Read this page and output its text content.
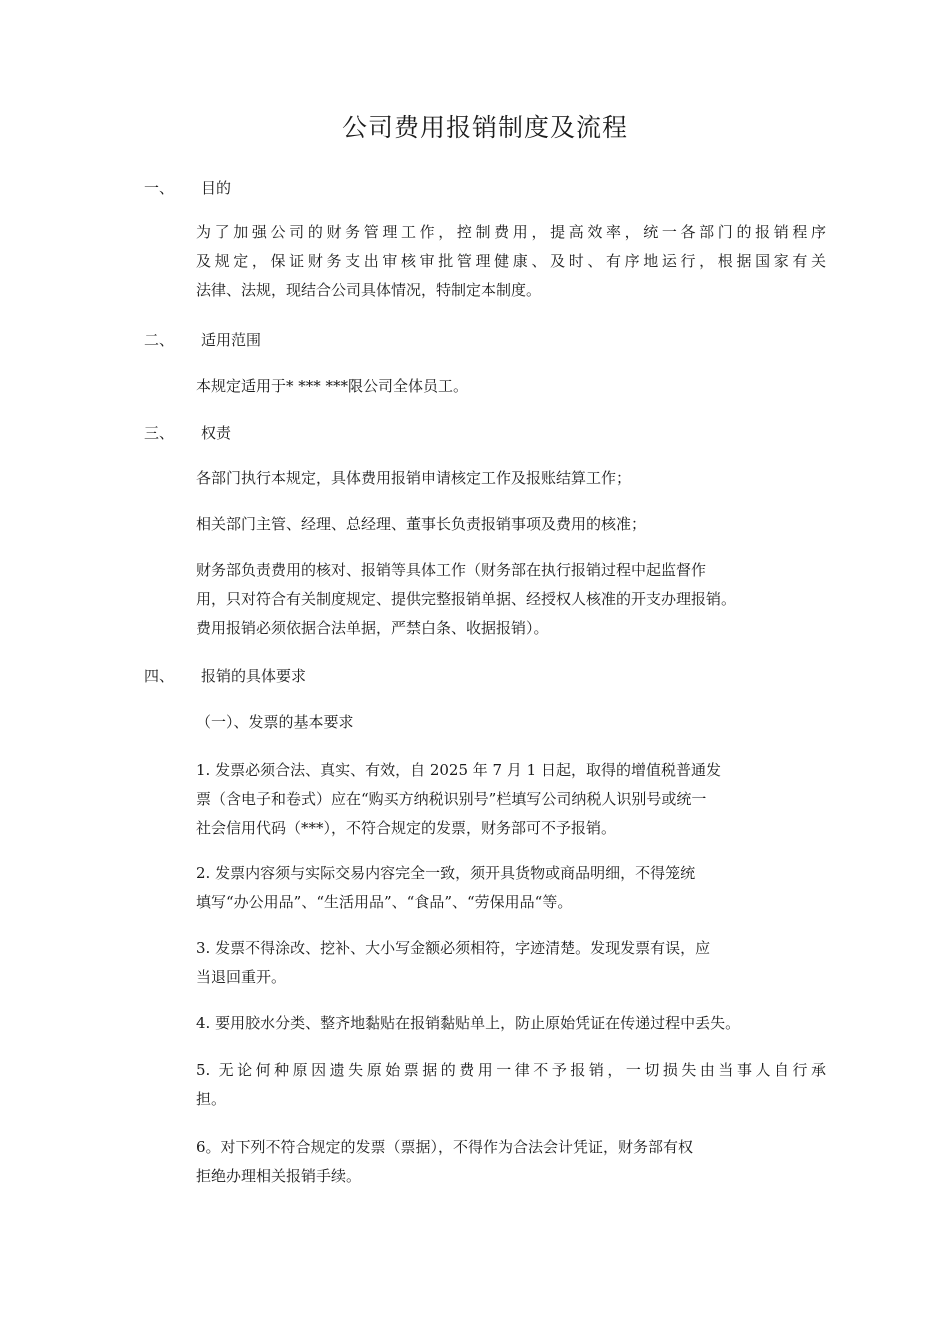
公司费用报销制度及流程
一、 目的
为了加强公司的财务管理工作，控制费用，提高效率，统一各部门的报销程序
及规定，保证财务支出审核审批管理健康、及时、有序地运行，根据国家有关
法律、法规，现结合公司具体情况，特制定本制度。
二、 适用范围
本规定适用于* *** ***限公司全体员工。
三、 权责
各部门执行本规定，具体费用报销申请核定工作及报账结算工作；
相关部门主管、经理、总经理、董事长负责报销事项及费用的核准；
财务部负责费用的核对、报销等具体工作（财务部在执行报销过程中起监督作
用，只对符合有关制度规定、提供完整报销单据、经授权人核准的开支办理报销。
费用报销必须依据合法单据，严禁白条、收据报销）。
四、 报销的具体要求
（一）、发票的基本要求
1. 发票必须合法、真实、有效，自 2025 年 7 月 1 日起，取得的增值税普通发
票（含电子和卷式）应在“购买方纳税识别号”栏填写公司纳税人识别号或统一
社会信用代码（***），不符合规定的发票，财务部可不予报销。
2. 发票内容须与实际交易内容完全一致，须开具货物或商品明细，不得笼统
填写“办公用品”、“生活用品”、“食品”、“劳保用品“等。
3. 发票不得涂改、挖补、大小写金额必须相符，字迹清楚。发现发票有误，应
当退回重开。
4. 要用胶水分类、整齐地黏贴在报销黏贴单上，防止原始凭证在传递过程中丢失。
5. 无论何种原因遗失原始票据的费用一律不予报销，一切损失由当事人自行承
担。
6。对下列不符合规定的发票（票据），不得作为合法会计凭证，财务部有权
拒绝办理相关报销手续。
